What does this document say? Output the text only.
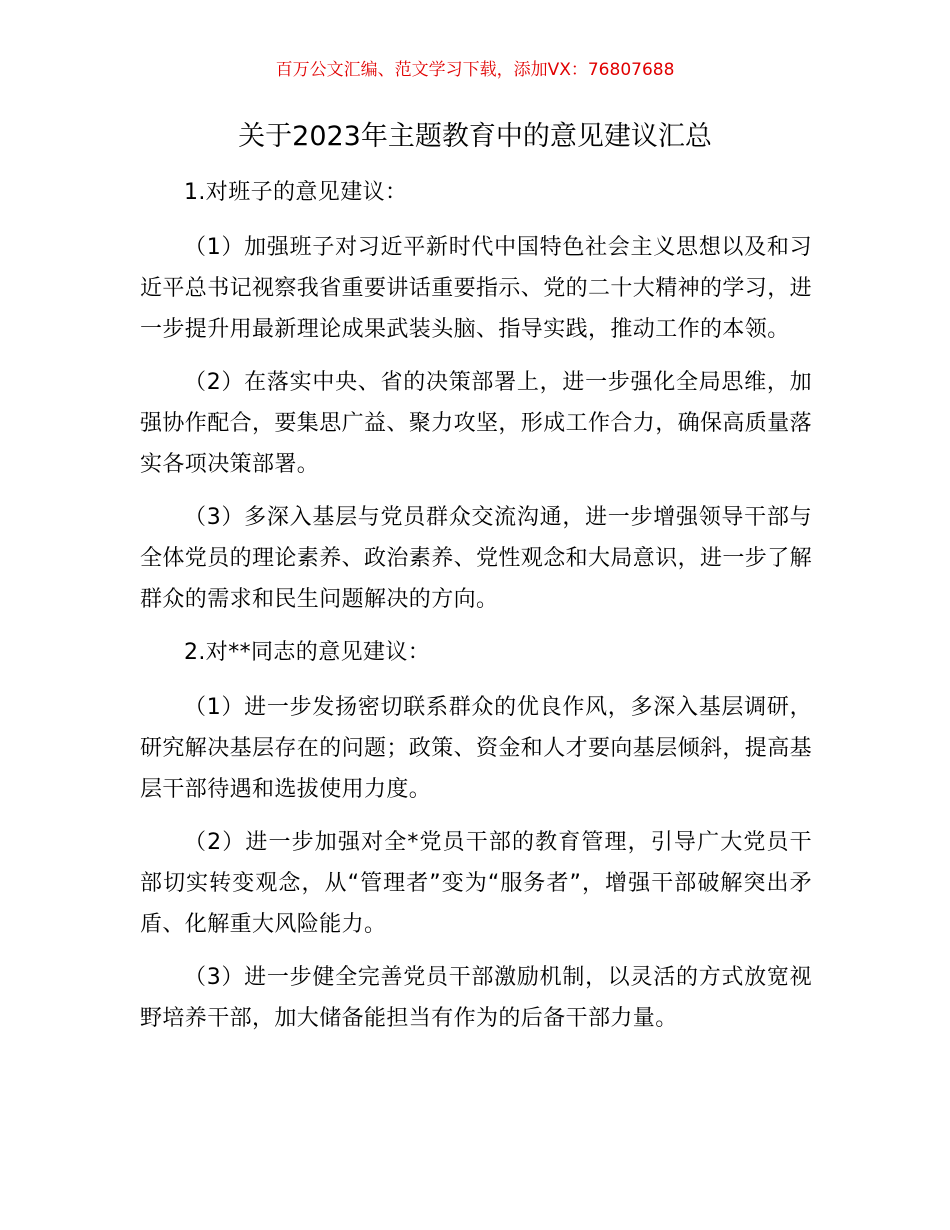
百万公文汇编、范文学习下载，添加VX：76807688
关于2023年主题教育中的意见建议汇总

1.对班子的意见建议：

（1）加强班子对习近平新时代中国特色社会主义思想以及和习近平总书记视察我省重要讲话重要指示、党的二十大精神的学习，进一步提升用最新理论成果武装头脑、指导实践，推动工作的本领。

（2）在落实中央、省的决策部署上，进一步强化全局思维，加强协作配合，要集思广益、聚力攻坚，形成工作合力，确保高质量落实各项决策部署。

（3）多深入基层与党员群众交流沟通，进一步增强领导干部与全体党员的理论素养、政治素养、党性观念和大局意识，进一步了解群众的需求和民生问题解决的方向。

2.对**同志的意见建议：

（1）进一步发扬密切联系群众的优良作风，多深入基层调研，研究解决基层存在的问题；政策、资金和人才要向基层倾斜，提高基层干部待遇和选拔使用力度。

（2）进一步加强对全*党员干部的教育管理，引导广大党员干部切实转变观念，从“管理者”变为“服务者”，增强干部破解突出矛盾、化解重大风险能力。

（3）进一步健全完善党员干部激励机制，以灵活的方式放宽视野培养干部，加大储备能担当有作为的后备干部力量。
